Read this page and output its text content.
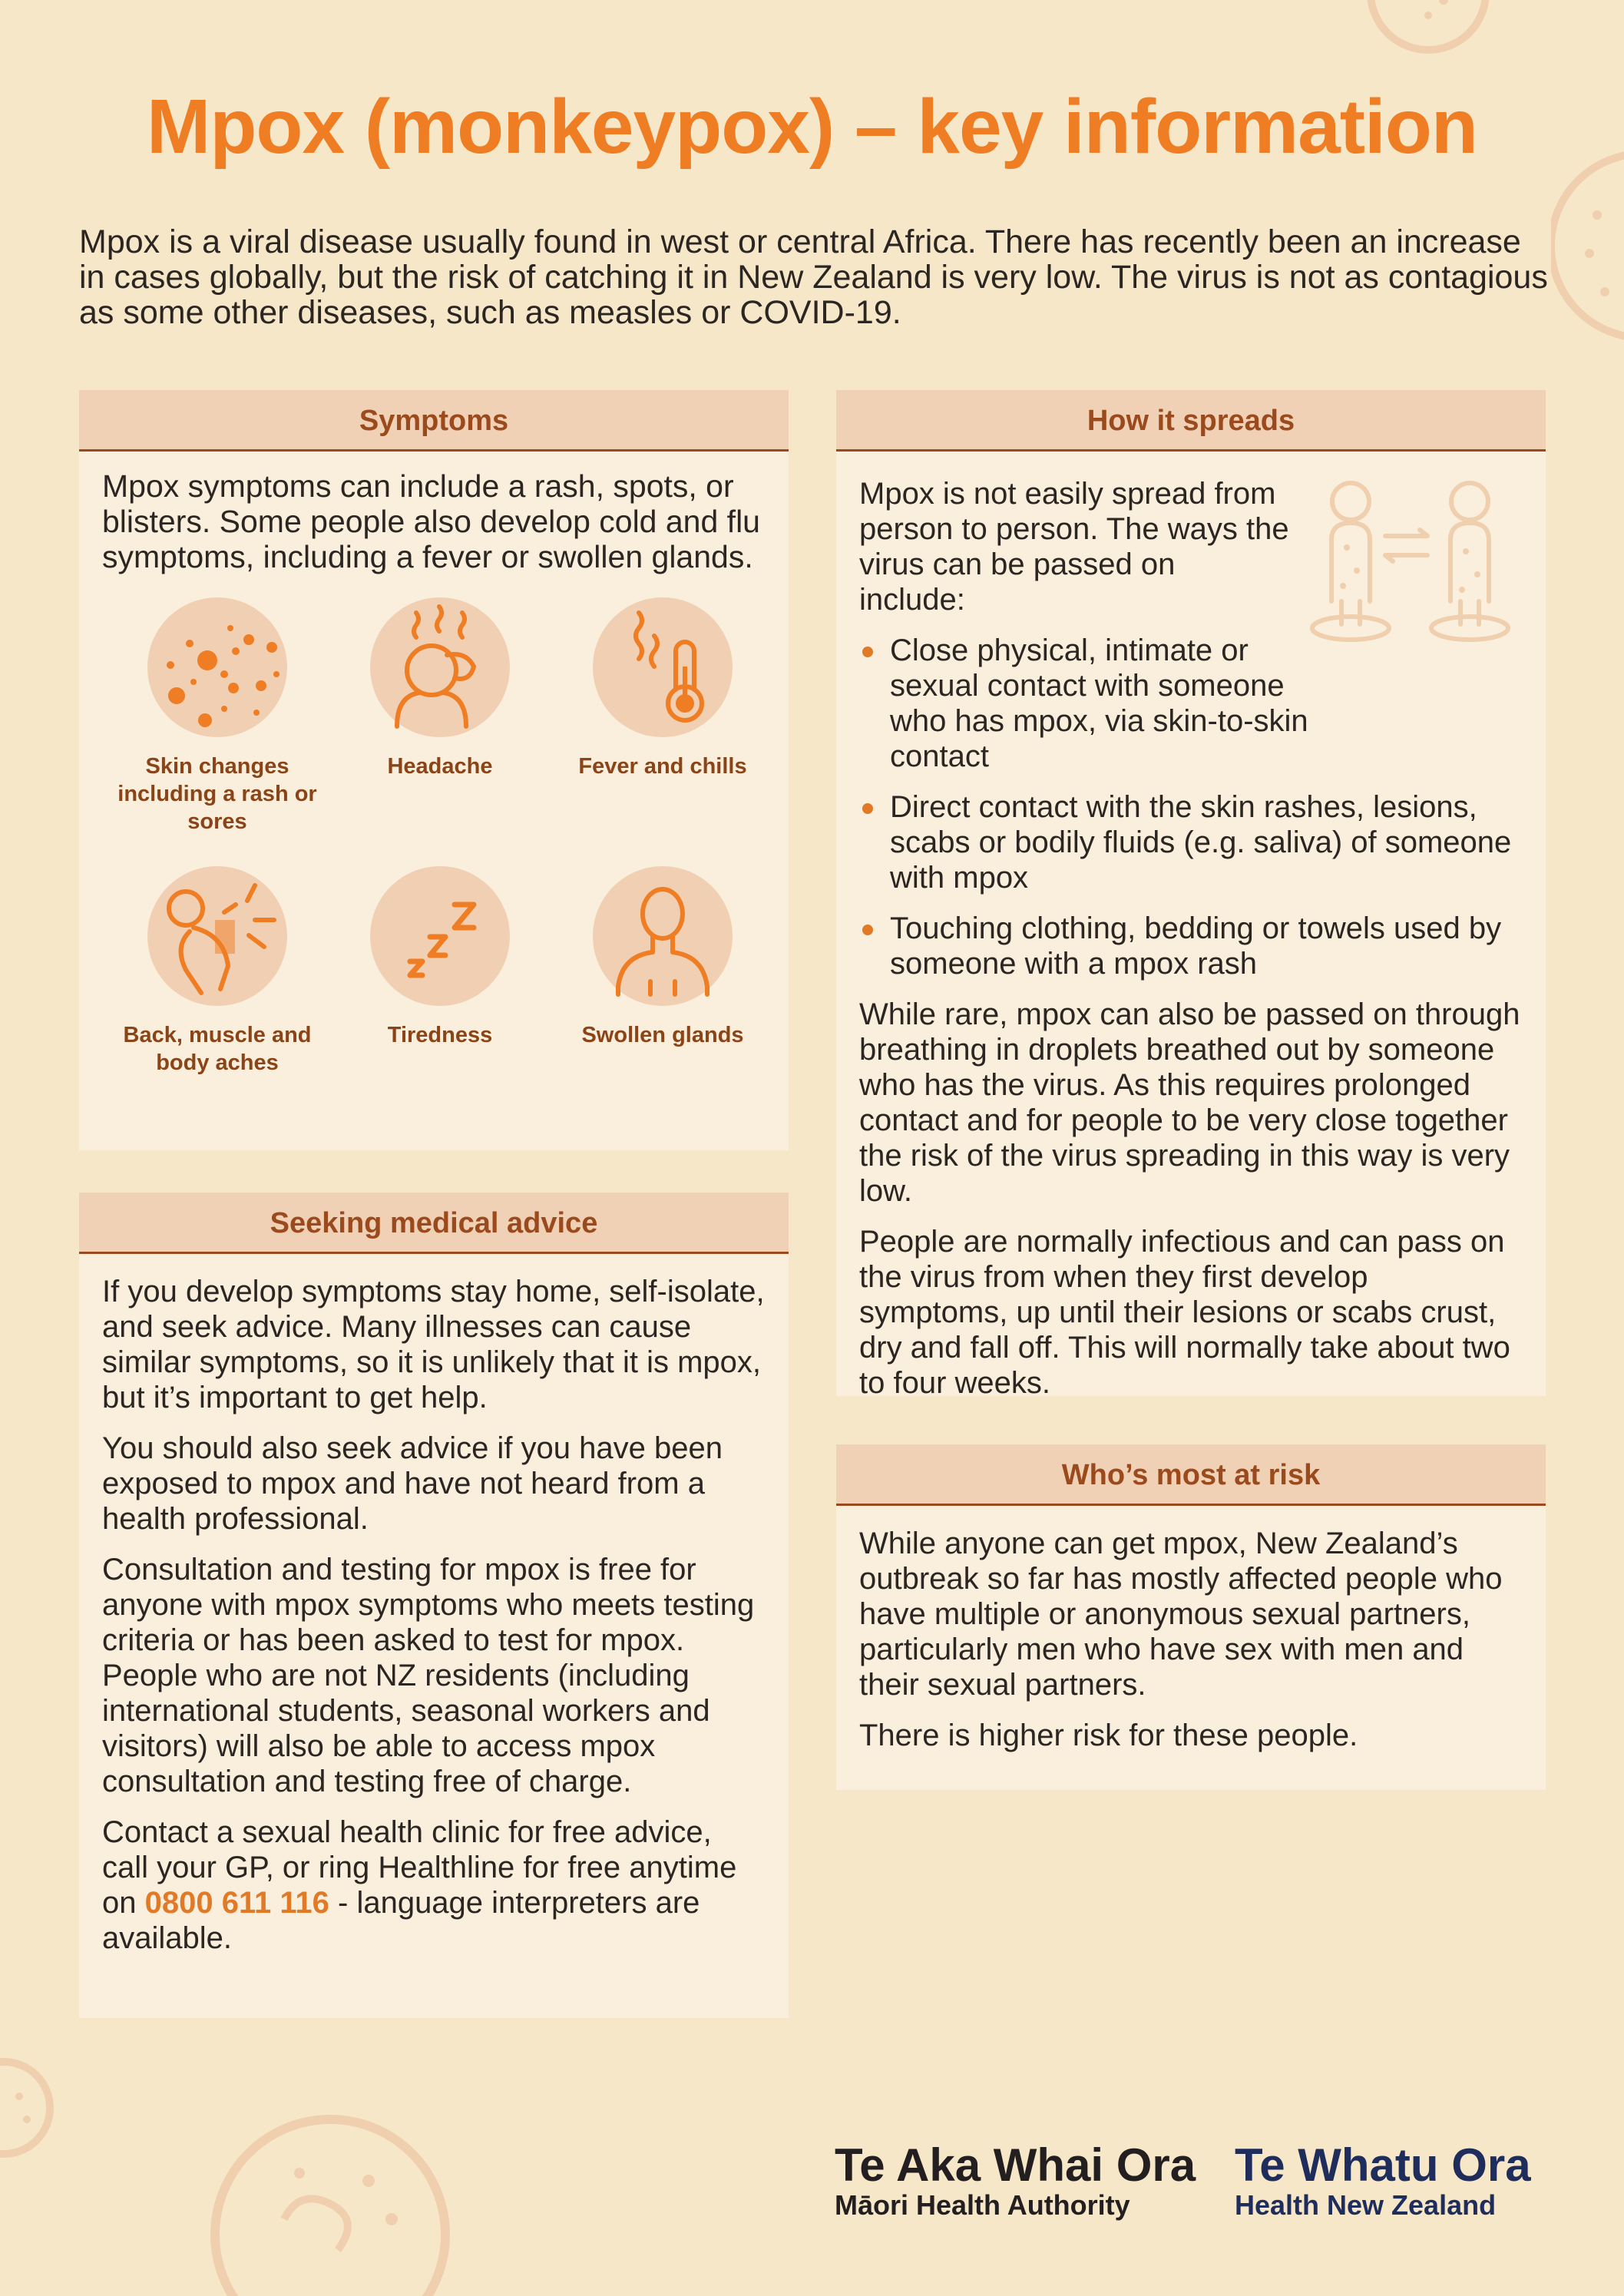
Mpox (monkeypox) – key information

Mpox is a viral disease usually found in west or central Africa. There has recently been an increase in cases globally, but the risk of catching it in New Zealand is very low. The virus is not as contagious as some other diseases, such as measles or COVID-19.

Symptoms

Mpox symptoms can include a rash, spots, or blisters. Some people also develop cold and flu symptoms, including a fever or swollen glands.

Skin changes including a rash or sores
Headache	Fever and chills
Back, muscle and body aches
Tiredness	Swollen glands
Seeking medical advice

If you develop symptoms stay home, self-isolate, and seek advice. Many illnesses can cause similar symptoms, so it is unlikely that it is mpox, but it’s important to get help.

You should also seek advice if you have been exposed to mpox and have not heard from a health professional.

Consultation and testing for mpox is free for anyone with mpox symptoms who meets testing criteria or has been asked to test for mpox. People who are not NZ residents (including international students, seasonal workers and visitors) will also be able to access mpox consultation and testing free of charge.

Contact a sexual health clinic for free advice, call your GP, or ring Healthline for free anytime on 0800 611 116 - language interpreters are available.

How it spreads

Mpox is not easily spread from person to person. The ways the virus can be passed on include:

Close physical, intimate or sexual contact with someone who has mpox, via skin-to-skin contact
Direct contact with the skin rashes, lesions, scabs or bodily fluids (e.g. saliva) of someone with mpox
Touching clothing, bedding or towels used by someone with a mpox rash

While rare, mpox can also be passed on through breathing in droplets breathed out by someone who has the virus. As this requires prolonged contact and for people to be very close together the risk of the virus spreading in this way is very low.

People are normally infectious and can pass on the virus from when they first develop symptoms, up until their lesions or scabs crust, dry and fall off. This will normally take about two to four weeks.

Who’s most at risk

While anyone can get mpox, New Zealand’s outbreak so far has mostly affected people who have multiple or anonymous sexual partners, particularly men who have sex with men and their sexual partners.

There is higher risk for these people.

Te Aka Whai Ora
Māori Health Authority
Te Whatu Ora
Health New Zealand
